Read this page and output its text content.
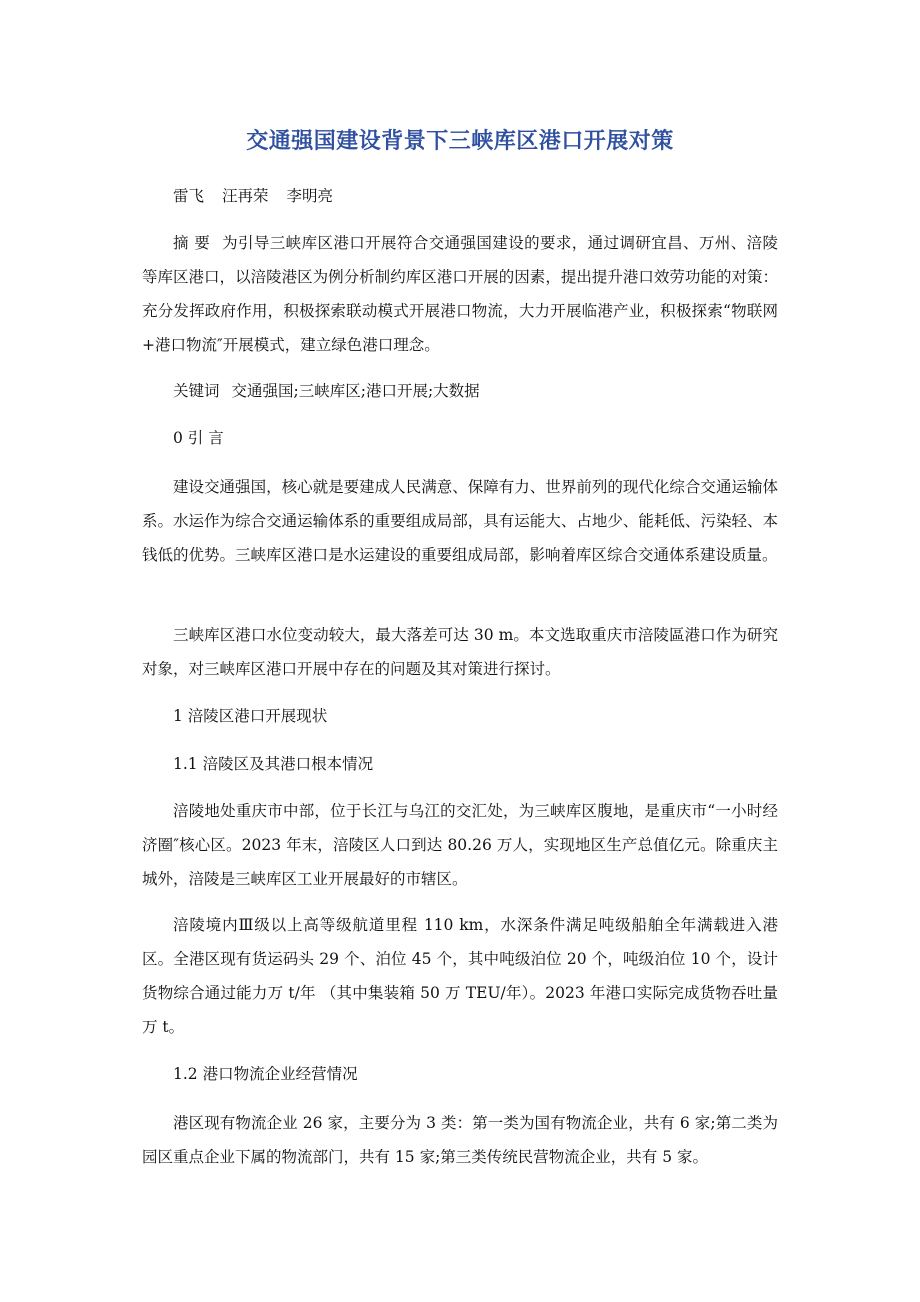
交通强国建设背景下三峡库区港口开展对策
雷飞 汪再荣 李明亮

摘 要 为引导三峡库区港口开展符合交通强国建设的要求，通过调研宜昌、万州、涪陵等库区港口，以涪陵港区为例分析制约库区港口开展的因素，提出提升港口效劳功能的对策：充分发挥政府作用，积极探索联动模式开展港口物流，大力开展临港产业，积极探索“物联网+港口物流″开展模式，建立绿色港口理念。

关键词 交通强国;三峡库区;港口开展;大数据

0 引 言

建设交通强国，核心就是要建成人民满意、保障有力、世界前列的现代化综合交通运输体系。水运作为综合交通运输体系的重要组成局部，具有运能大、占地少、能耗低、污染轻、本钱低的优势。三峡库区港口是水运建设的重要组成局部，影响着库区综合交通体系建设质量。

三峡库区港口水位变动较大，最大落差可达 30 m。本文选取重庆市涪陵區港口作为研究对象，对三峡库区港口开展中存在的问题及其对策进行探讨。

1 涪陵区港口开展现状
1.1 涪陵区及其港口根本情况

涪陵地处重庆市中部，位于长江与乌江的交汇处，为三峡库区腹地，是重庆市“一小时经济圈″核心区。2023 年末，涪陵区人口到达 80.26 万人，实现地区生产总值亿元。除重庆主城外，涪陵是三峡库区工业开展最好的市辖区。

涪陵境内Ⅲ级以上高等级航道里程 110 km，水深条件满足吨级船舶全年满载进入港区。全港区现有货运码头 29 个、泊位 45 个，其中吨级泊位 20 个，吨级泊位 10 个，设计货物综合通过能力万 t/年 （其中集装箱 50 万 TEU/年）。2023 年港口实际完成货物吞吐量万 t。

1.2 港口物流企业经营情况

港区现有物流企业 26 家，主要分为 3 类：第一类为国有物流企业，共有 6 家;第二类为园区重点企业下属的物流部门，共有 15 家;第三类传统民营物流企业，共有 5 家。
